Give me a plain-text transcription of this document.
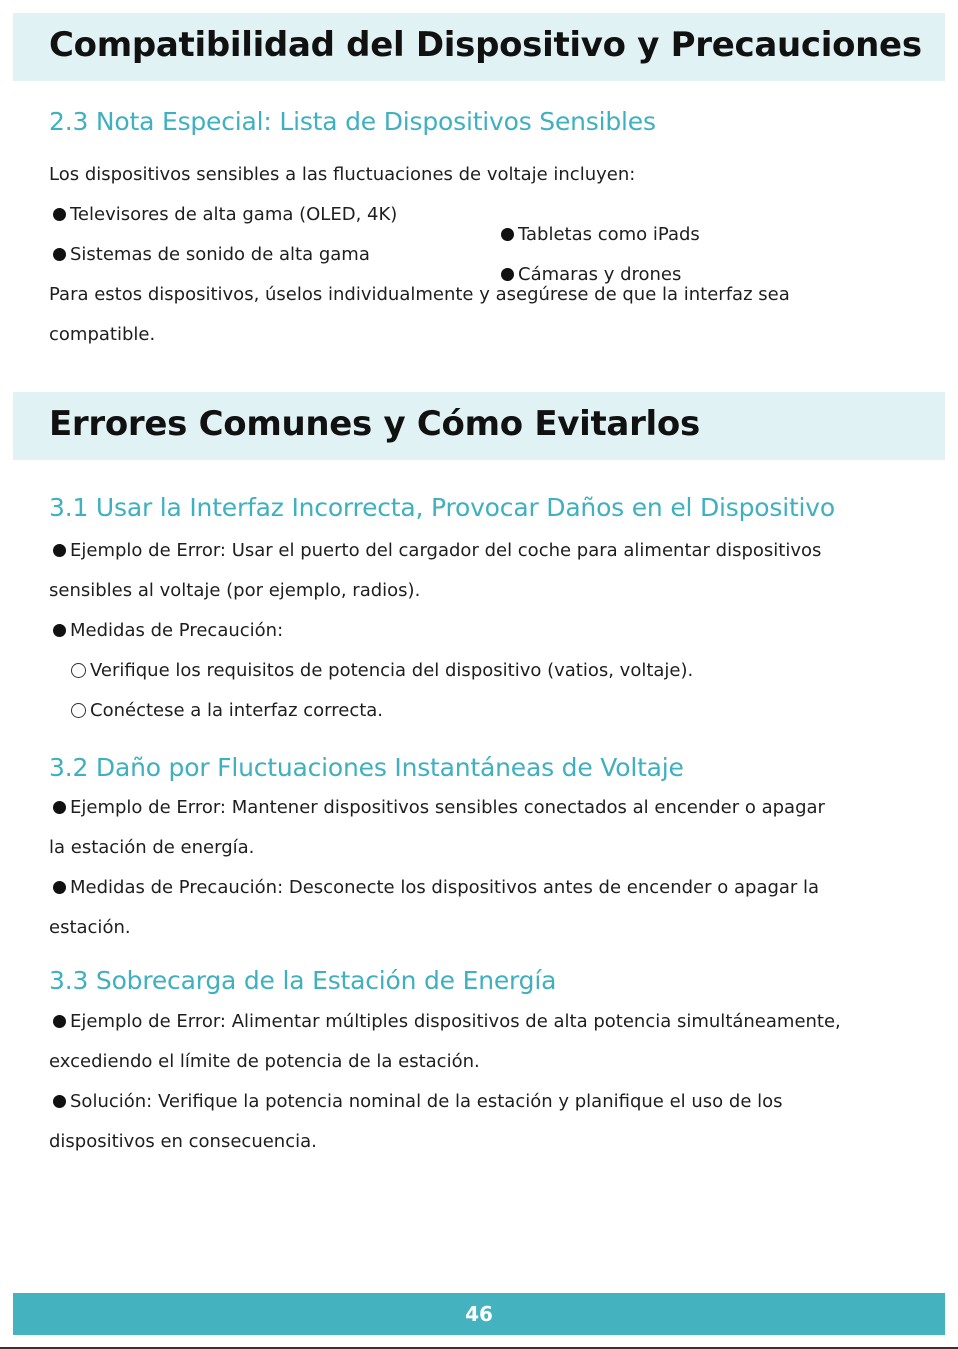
Compatibilidad del Dispositivo y Precauciones
2.3 Nota Especial: Lista de Dispositivos Sensibles
Los dispositivos sensibles a las fluctuaciones de voltaje incluyen:
Televisores de alta gama (OLED, 4K)
Sistemas de sonido de alta gama
Tabletas como iPads
Cámaras y drones
Para estos dispositivos, úselos individualmente y asegúrese de que la interfaz sea
compatible.
Errores Comunes y Cómo Evitarlos
3.1 Usar la Interfaz Incorrecta, Provocar Daños en el Dispositivo
Ejemplo de Error: Usar el puerto del cargador del coche para alimentar dispositivos
sensibles al voltaje (por ejemplo, radios).
Medidas de Precaución:
Verifique los requisitos de potencia del dispositivo (vatios, voltaje).
Conéctese a la interfaz correcta.
3.2 Daño por Fluctuaciones Instantáneas de Voltaje
Ejemplo de Error: Mantener dispositivos sensibles conectados al encender o apagar
la estación de energía.
Medidas de Precaución: Desconecte los dispositivos antes de encender o apagar la
estación.
3.3 Sobrecarga de la Estación de Energía
Ejemplo de Error: Alimentar múltiples dispositivos de alta potencia simultáneamente,
excediendo el límite de potencia de la estación.
Solución: Verifique la potencia nominal de la estación y planifique el uso de los
dispositivos en consecuencia.
46
